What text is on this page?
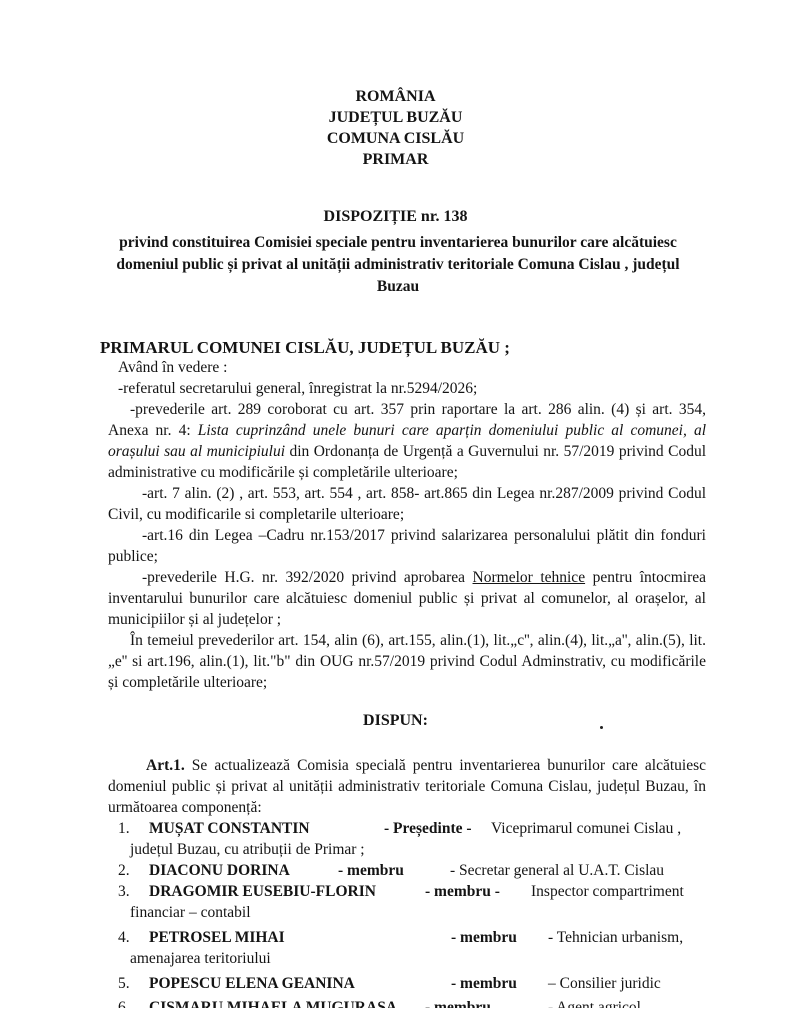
ROMÂNIA
JUDEȚUL BUZĂU
COMUNA CISLĂU
PRIMAR
DISPOZIȚIE nr. 138
privind constituirea Comisiei speciale pentru inventarierea bunurilor care alcătuiesc domeniul public și privat al unității administrativ teritoriale Comuna Cislau , județul Buzau
PRIMARUL COMUNEI CISLĂU, JUDEȚUL BUZĂU ;

Având în vedere :

-referatul secretarului general, înregistrat la nr.5294/2026;

-prevederile art. 289 coroborat cu art. 357 prin raportare la art. 286 alin. (4) și art. 354, Anexa nr. 4: Lista cuprinzând unele bunuri care aparțin domeniului public al comunei, al orașului sau al municipiului din Ordonanța de Urgență a Guvernului nr. 57/2019 privind Codul administrative cu modificările și completările ulterioare;

-art. 7 alin. (2) , art. 553, art. 554 , art. 858- art.865 din Legea nr.287/2009 privind Codul Civil, cu modificarile si completarile ulterioare;

-art.16 din Legea –Cadru nr.153/2017 privind salarizarea personalului plătit din fonduri publice;

-prevederile H.G. nr. 392/2020 privind aprobarea Normelor tehnice pentru întocmirea inventarului bunurilor care alcătuiesc domeniul public și privat al comunelor, al orașelor, al municipiilor și al județelor ;

În temeiul prevederilor art. 154, alin (6), art.155, alin.(1), lit.„c'', alin.(4), lit.„a'', alin.(5), lit.„e'' si art.196, alin.(1), lit."b" din OUG nr.57/2019 privind Codul Adminstrativ, cu modificările și completările ulterioare;

DISPUN:

Art.1. Se actualizează Comisia specială pentru inventarierea bunurilor care alcătuiesc domeniul public și privat al unității administrativ teritoriale Comuna Cislau, județul Buzau, în următoarea componență:

1. MUȘAT CONSTANTIN	- Președinte - Viceprimarul comunei Cislau ,
județul Buzau, cu atribuții de Primar ;
2. DIACONU DORINA	- membru	- Secretar general al U.A.T. Cislau
3. DRAGOMIR EUSEBIU-FLORIN	- membru - Inspector compartriment
financiar – contabil
4. PETROSEL MIHAI	- membru - Tehnician urbanism,
amenajarea teritoriului
5. POPESCU ELENA GEANINA	- membru – Consilier juridic
